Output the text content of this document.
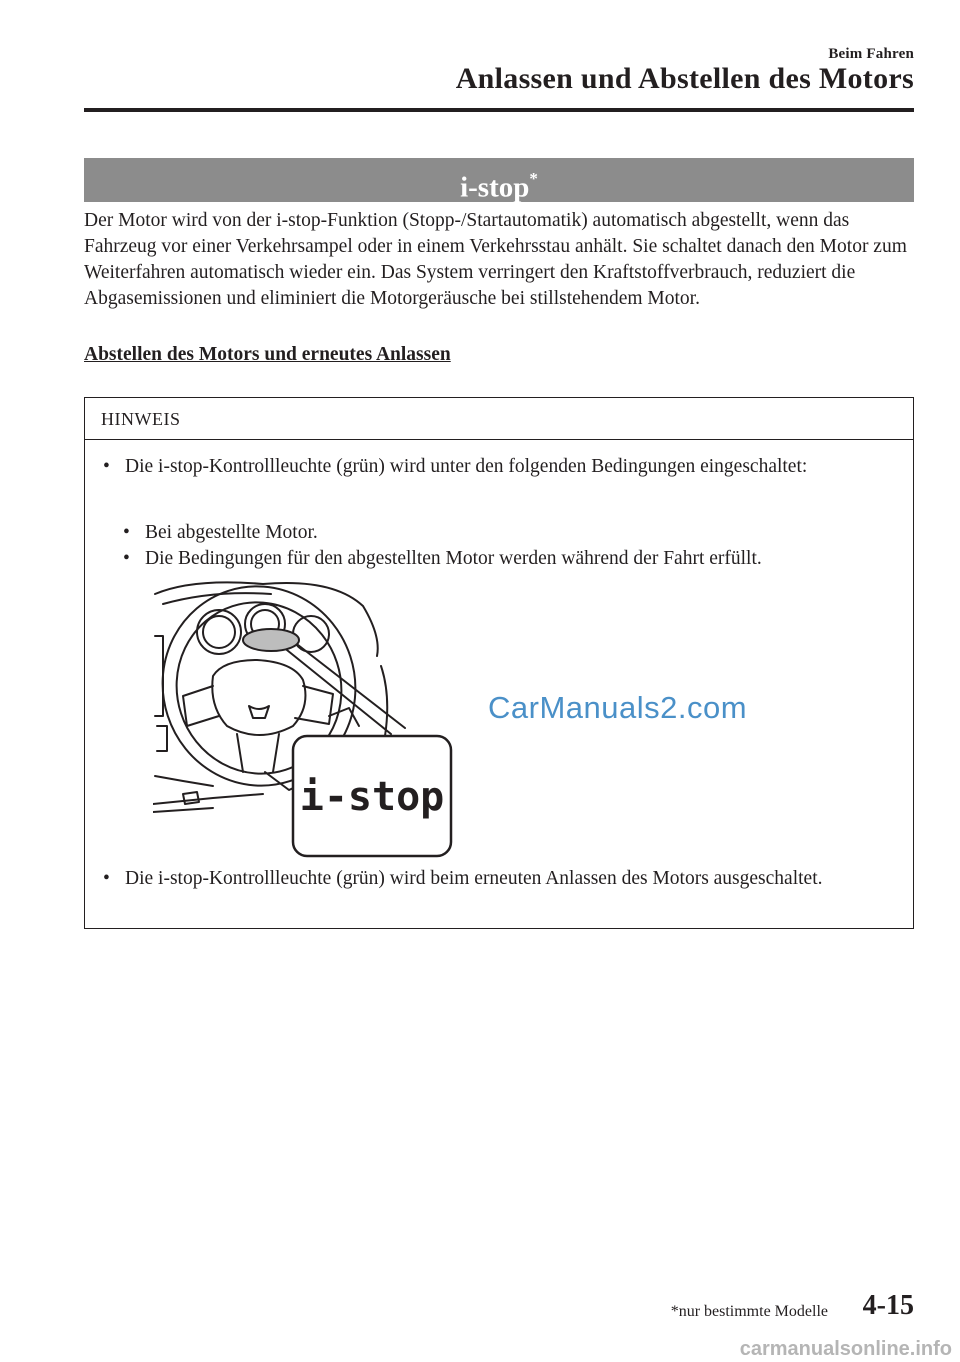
Beim Fahren
Anlassen und Abstellen des Motors
i-stop*
Der Motor wird von der i-stop-Funktion (Stopp-/Startautomatik) automatisch abgestellt, wenn das Fahrzeug vor einer Verkehrsampel oder in einem Verkehrsstau anhält. Sie schaltet danach den Motor zum Weiterfahren automatisch wieder ein. Das System verringert den Kraftstoffverbrauch, reduziert die Abgasemissionen und eliminiert die Motorgeräusche bei stillstehendem Motor.
Abstellen des Motors und erneutes Anlassen
HINWEIS
• Die i-stop-Kontrollleuchte (grün) wird unter den folgenden Bedingungen eingeschaltet:
• Bei abgestellte Motor.
• Die Bedingungen für den abgestellten Motor werden während der Fahrt erfüllt.
i-stop
• Die i-stop-Kontrollleuchte (grün) wird beim erneuten Anlassen des Motors ausgeschaltet.
CarManuals2.com
*nur bestimmte Modelle 4-15
carmanualsonline.info
